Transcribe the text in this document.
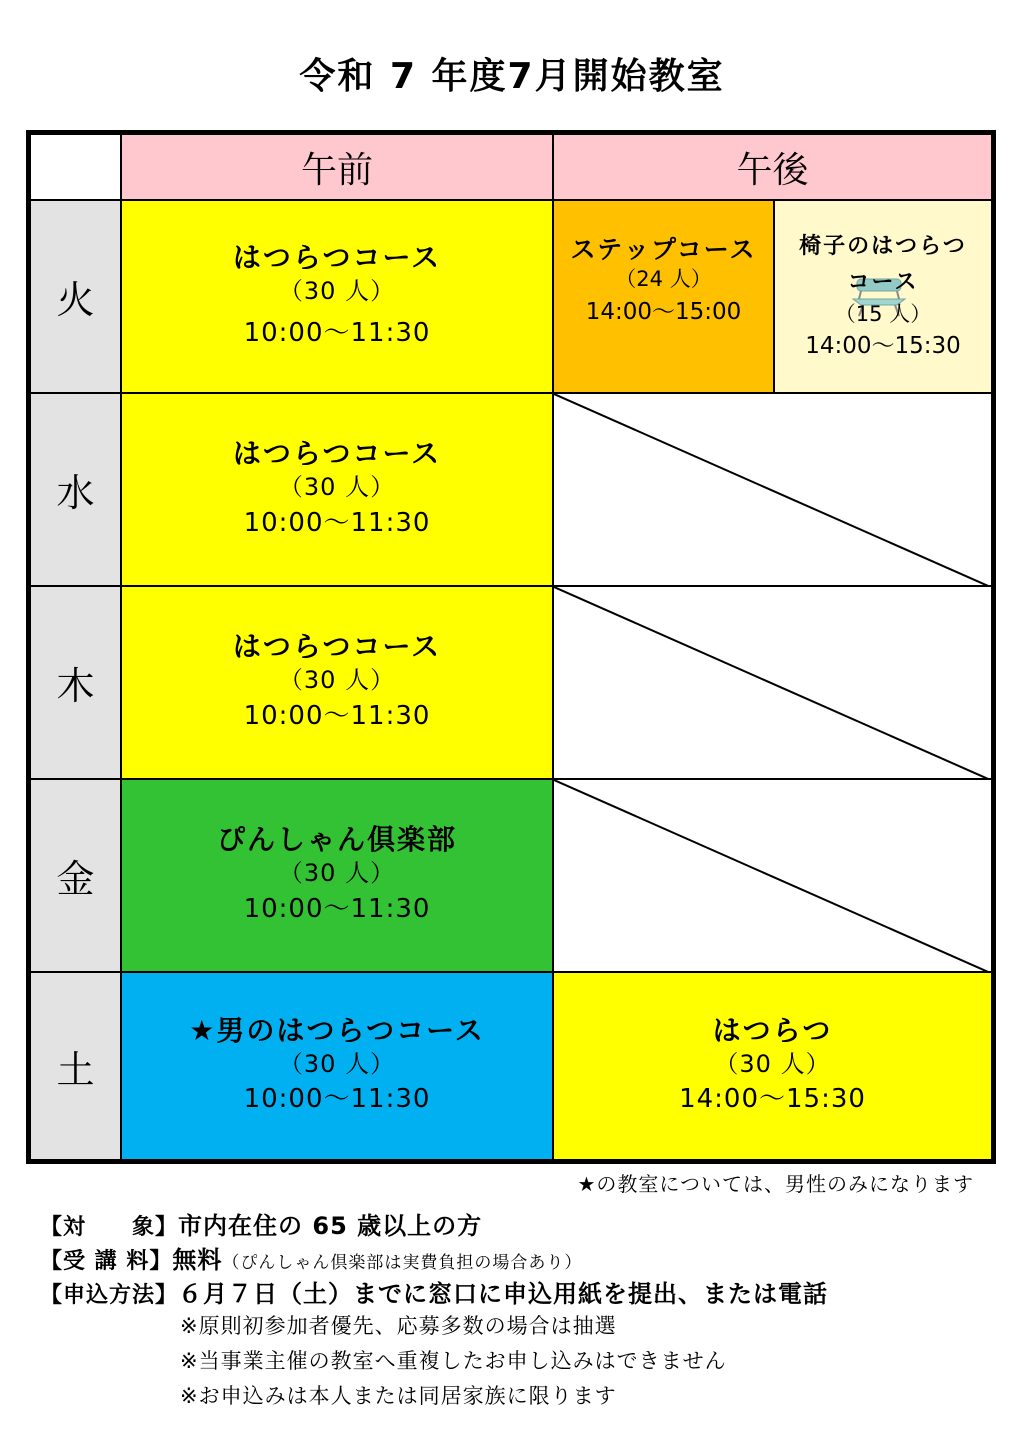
令和 7 年度7月開始教室
午前	午後
火
水
木
金
土
はつらつコース
（30 人）
10:00～11:30
ステップコース
（24 人）
14:00～15:00
椅子のはつらつ
コース
（15 人）
14:00～15:30
はつらつコース
（30 人）
10:00～11:30
はつらつコース
（30 人）
10:00～11:30
ぴんしゃん倶楽部
（30 人）
10:00～11:30
★男のはつらつコース
（30 人）
10:00～11:30
はつらつ
（30 人）
14:00～15:30
★の教室については、男性のみになります
【対　　象】市内在住の 65 歳以上の方
【受 講 料】無料（ぴんしゃん倶楽部は実費負担の場合あり）
【申込方法】６月７日（土）までに窓口に申込用紙を提出、または電話
※原則初参加者優先、応募多数の場合は抽選
※当事業主催の教室へ重複したお申し込みはできません
※お申込みは本人または同居家族に限ります
